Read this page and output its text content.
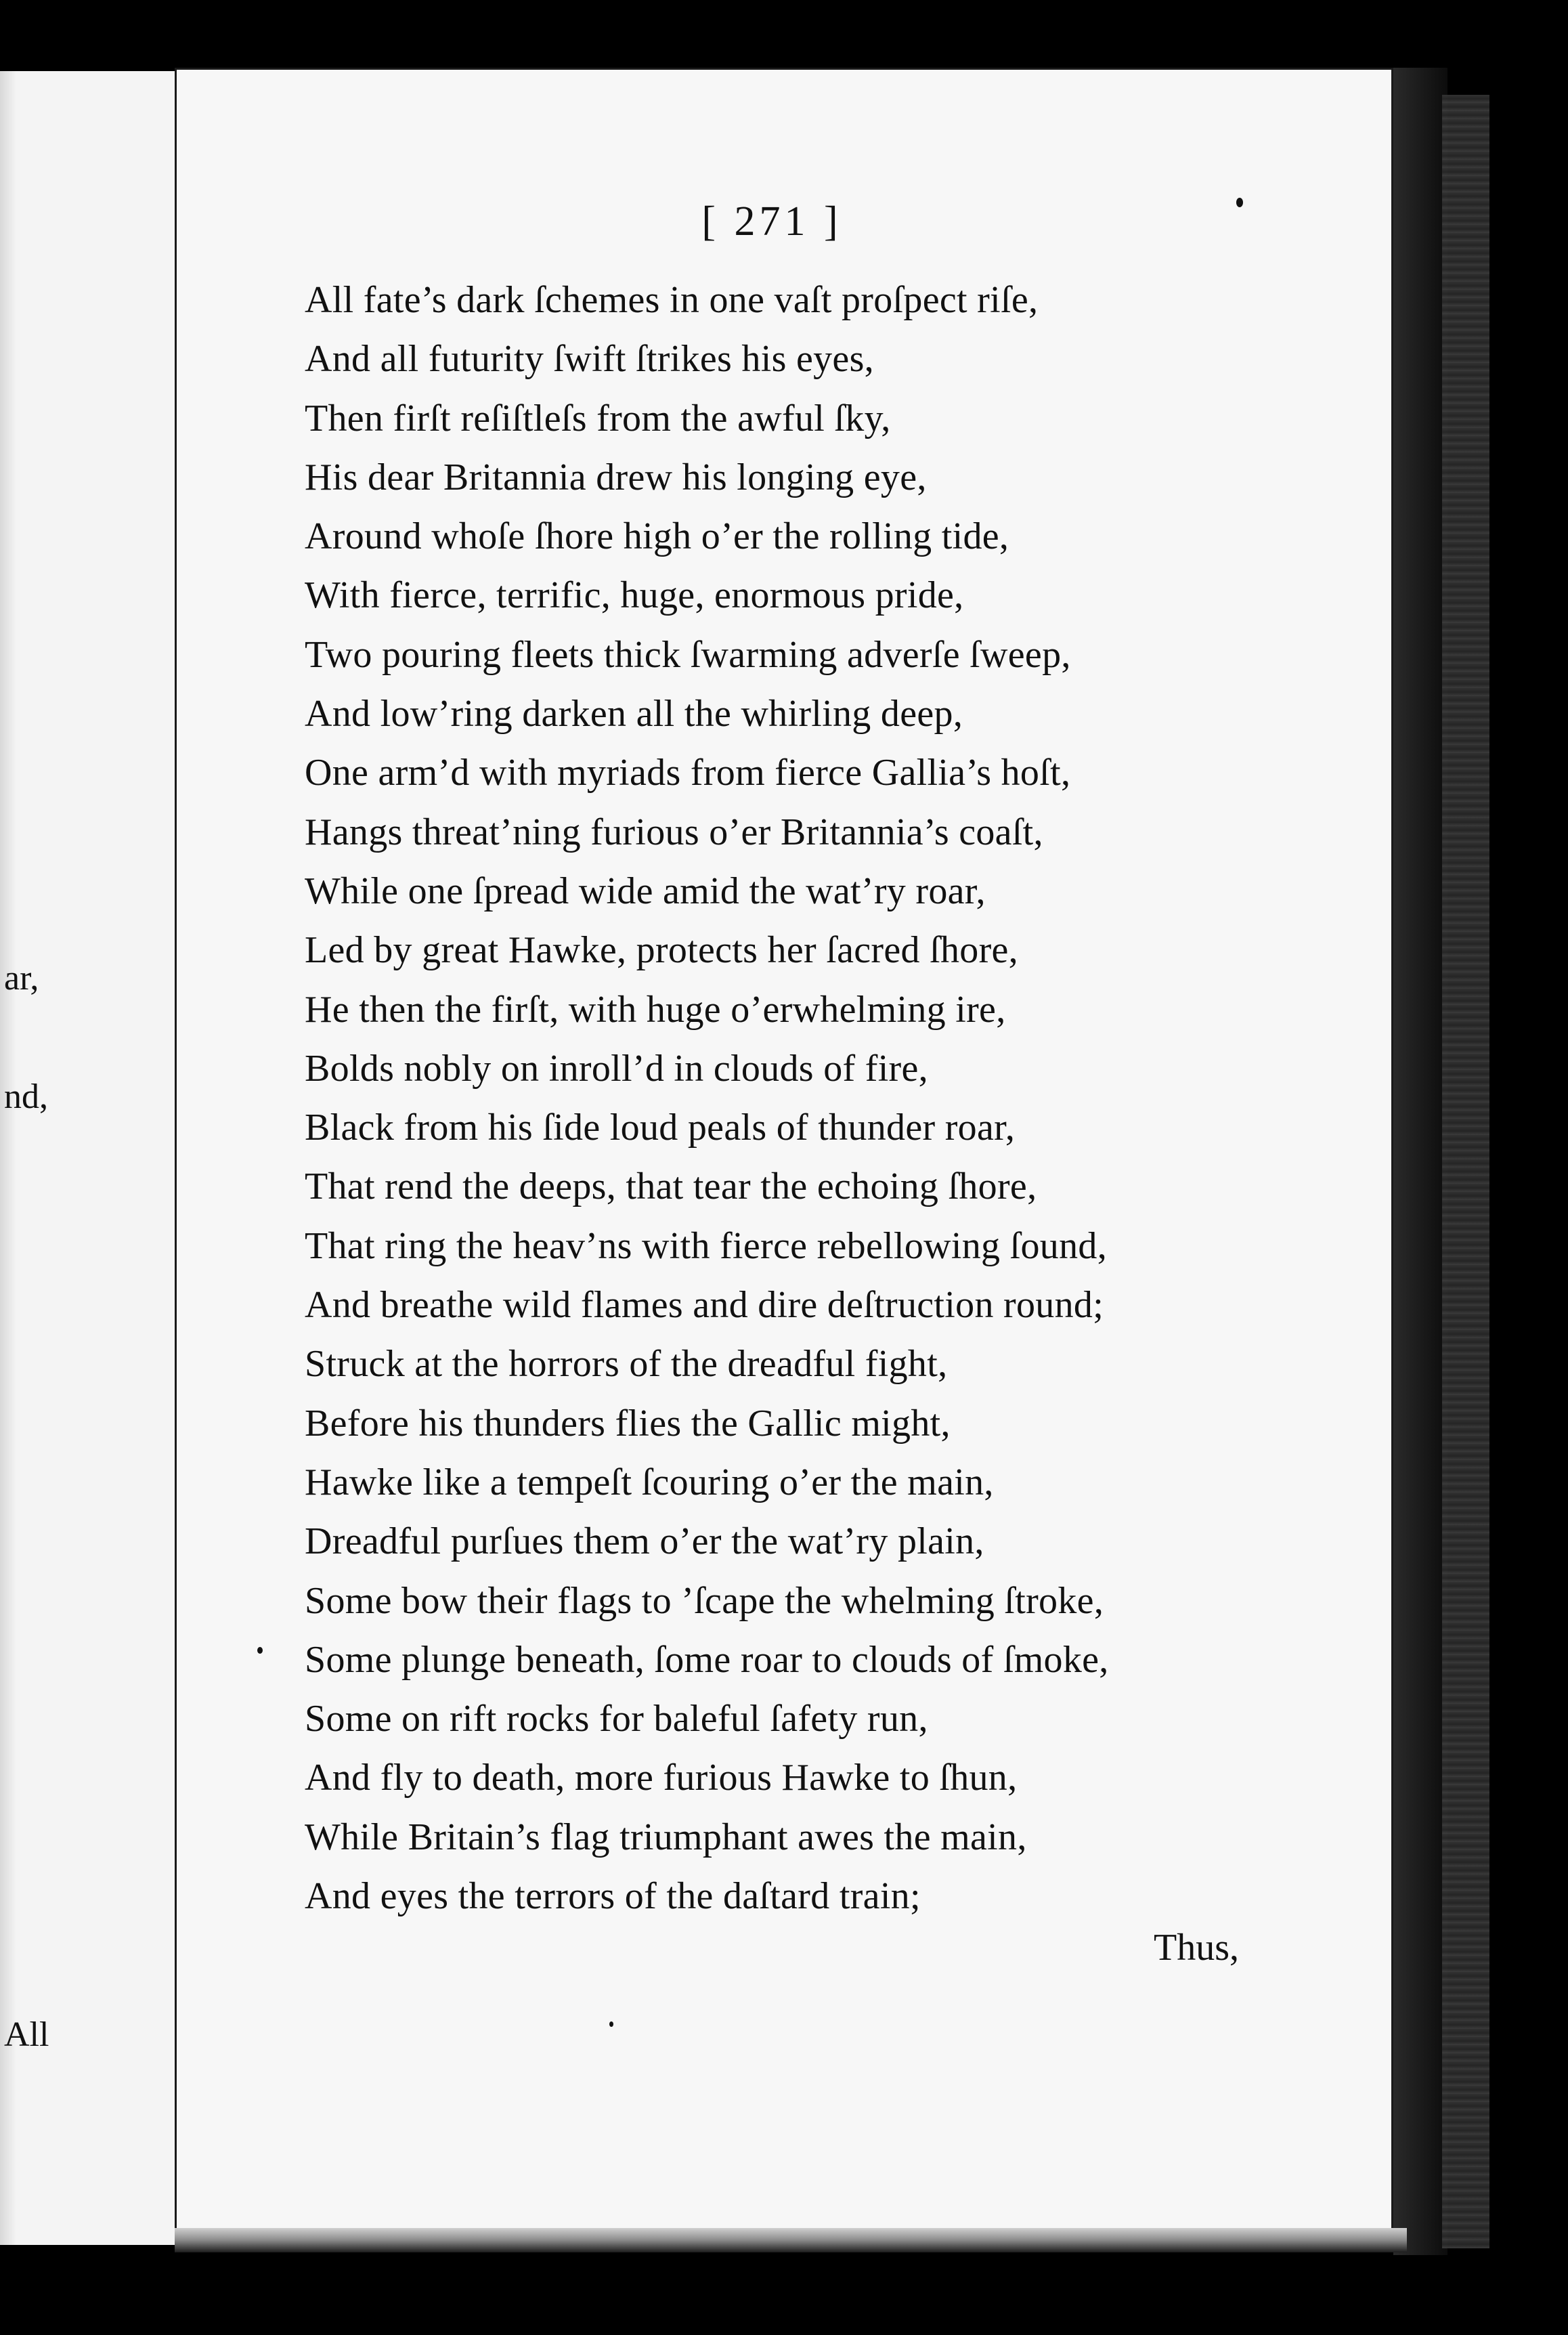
ar,
nd,
All
[ 271 ]
All fate’s dark ſchemes in one vaſt proſpect riſe,
And all futurity ſwift ſtrikes his eyes,
Then firſt reſiſtleſs from the awful ſky,
His dear Britannia drew his longing eye,
Around whoſe ſhore high o’er the rolling tide,
With fierce, terrific, huge, enormous pride,
Two pouring fleets thick ſwarming adverſe ſweep,
And low’ring darken all the whirling deep,
One arm’d with myriads from fierce Gallia’s hoſt,
Hangs threat’ning furious o’er Britannia’s coaſt,
While one ſpread wide amid the wat’ry roar,
Led by great Hawke, protects her ſacred ſhore,
He then the firſt, with huge o’erwhelming ire,
Bolds nobly on inroll’d in clouds of fire,
Black from his ſide loud peals of thunder roar,
That rend the deeps, that tear the echoing ſhore,
That ring the heav’ns with fierce rebellowing ſound,
And breathe wild flames and dire deſtruction round;
Struck at the horrors of the dreadful fight,
Before his thunders flies the Gallic might,
Hawke like a tempeſt ſcouring o’er the main,
Dreadful purſues them o’er the wat’ry plain,
Some bow their flags to ’ſcape the whelming ſtroke,
Some plunge beneath, ſome roar to clouds of ſmoke,
Some on rift rocks for baleful ſafety run,
And fly to death, more furious Hawke to ſhun,
While Britain’s flag triumphant awes the main,
And eyes the terrors of the daſtard train;
Thus,
